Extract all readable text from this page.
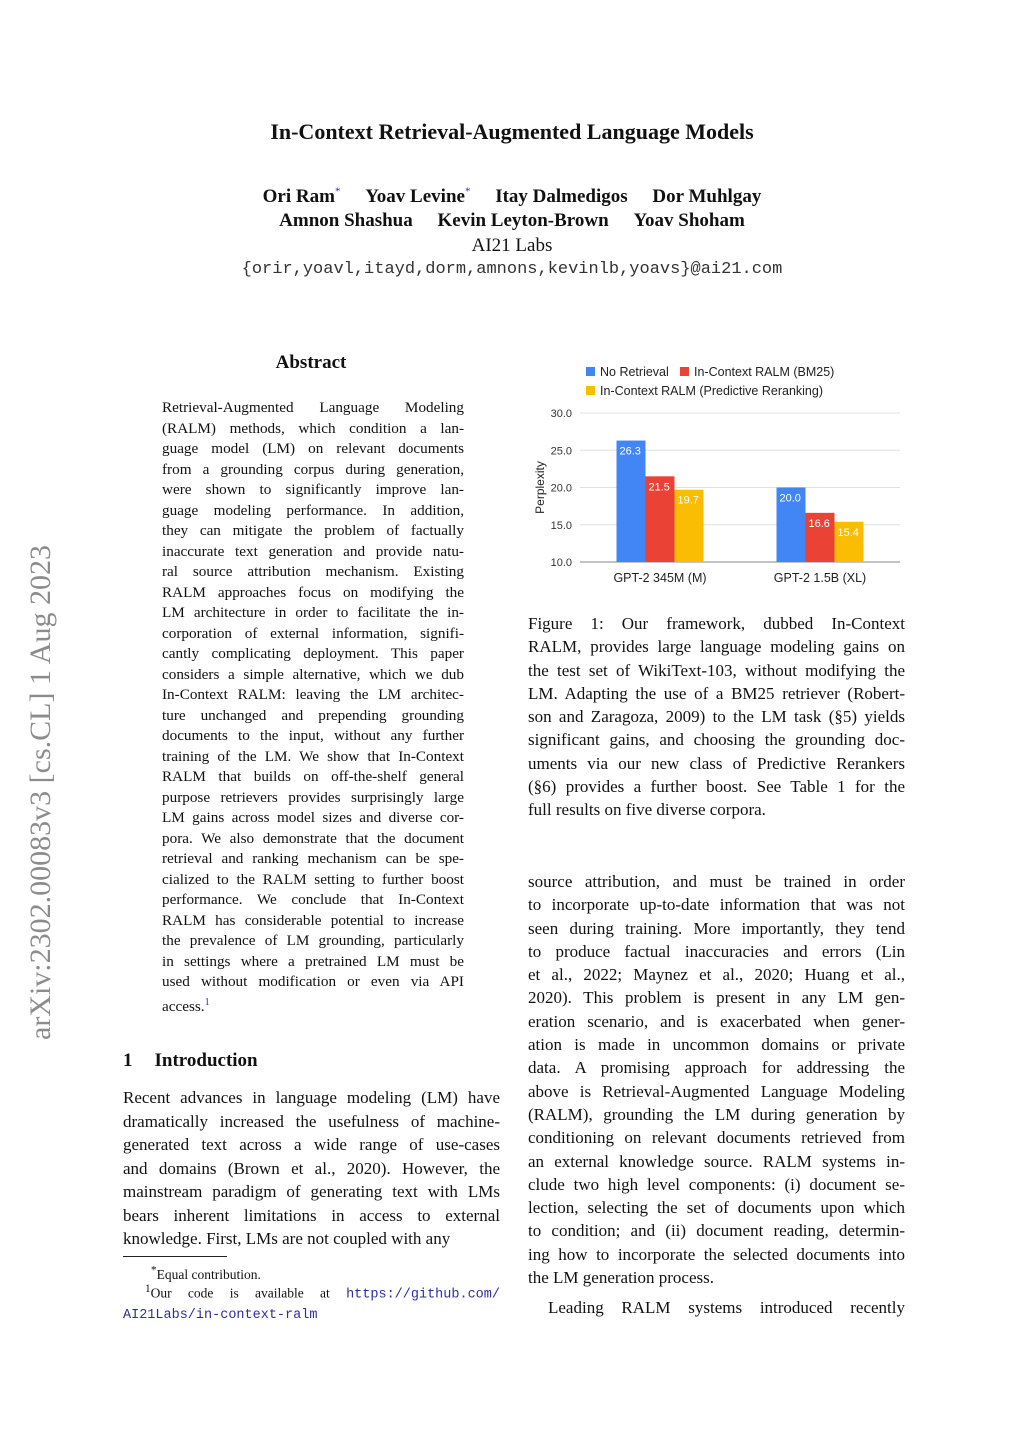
arXiv:2302.00083v3 [cs.CL] 1 Aug 2023
In-Context Retrieval-Augmented Language Models
Ori Ram* Yoav Levine* Itay Dalmedigos Dor Muhlgay
Amnon Shashua Kevin Leyton-Brown Yoav Shoham
AI21 Labs
{orir,yoavl,itayd,dorm,amnons,kevinlb,yoavs}@ai21.com
Abstract
Retrieval-Augmented Language Modeling
(RALM) methods, which condition a lan-
guage model (LM) on relevant documents
from a grounding corpus during generation,
were shown to significantly improve lan-
guage modeling performance. In addition,
they can mitigate the problem of factually
inaccurate text generation and provide natu-
ral source attribution mechanism. Existing
RALM approaches focus on modifying the
LM architecture in order to facilitate the in-
corporation of external information, signifi-
cantly complicating deployment. This paper
considers a simple alternative, which we dub
In-Context RALM: leaving the LM architec-
ture unchanged and prepending grounding
documents to the input, without any further
training of the LM. We show that In-Context
RALM that builds on off-the-shelf general
purpose retrievers provides surprisingly large
LM gains across model sizes and diverse cor-
pora. We also demonstrate that the document
retrieval and ranking mechanism can be spe-
cialized to the RALM setting to further boost
performance. We conclude that In-Context
RALM has considerable potential to increase
the prevalence of LM grounding, particularly
in settings where a pretrained LM must be
used without modification or even via API
access.$^1$
1 Introduction
Recent advances in language modeling (LM) have
dramatically increased the usefulness of machine-
generated text across a wide range of use-cases
and domains (Brown et al., 2020). However, the
mainstream paradigm of generating text with LMs
bears inherent limitations in access to external
knowledge. First, LMs are not coupled with any
*Equal contribution.
$^1$Our code is available at https://github.com/
AI21Labs/in-context-ralm
No Retrieval	In-Context RALM (BM25)
In-Context RALM (Predictive Reranking)
10.0
15.0
20.0
25.0
30.0
Perplexity
26.3
21.5
19.7
GPT-2 345M (M)
20.0
16.6
15.4
GPT-2 1.5B (XL)
Figure 1: Our framework, dubbed In-Context
RALM, provides large language modeling gains on
the test set of WikiText-103, without modifying the
LM. Adapting the use of a BM25 retriever (Robert-
son and Zaragoza, 2009) to the LM task (§5) yields
significant gains, and choosing the grounding doc-
uments via our new class of Predictive Rerankers
(§6) provides a further boost. See Table 1 for the
full results on five diverse corpora.
source attribution, and must be trained in order
to incorporate up-to-date information that was not
seen during training. More importantly, they tend
to produce factual inaccuracies and errors (Lin
et al., 2022; Maynez et al., 2020; Huang et al.,
2020). This problem is present in any LM gen-
eration scenario, and is exacerbated when gener-
ation is made in uncommon domains or private
data. A promising approach for addressing the
above is Retrieval-Augmented Language Modeling
(RALM), grounding the LM during generation by
conditioning on relevant documents retrieved from
an external knowledge source. RALM systems in-
clude two high level components: (i) document se-
lection, selecting the set of documents upon which
to condition; and (ii) document reading, determin-
ing how to incorporate the selected documents into
the LM generation process.
Leading RALM systems introduced recently
